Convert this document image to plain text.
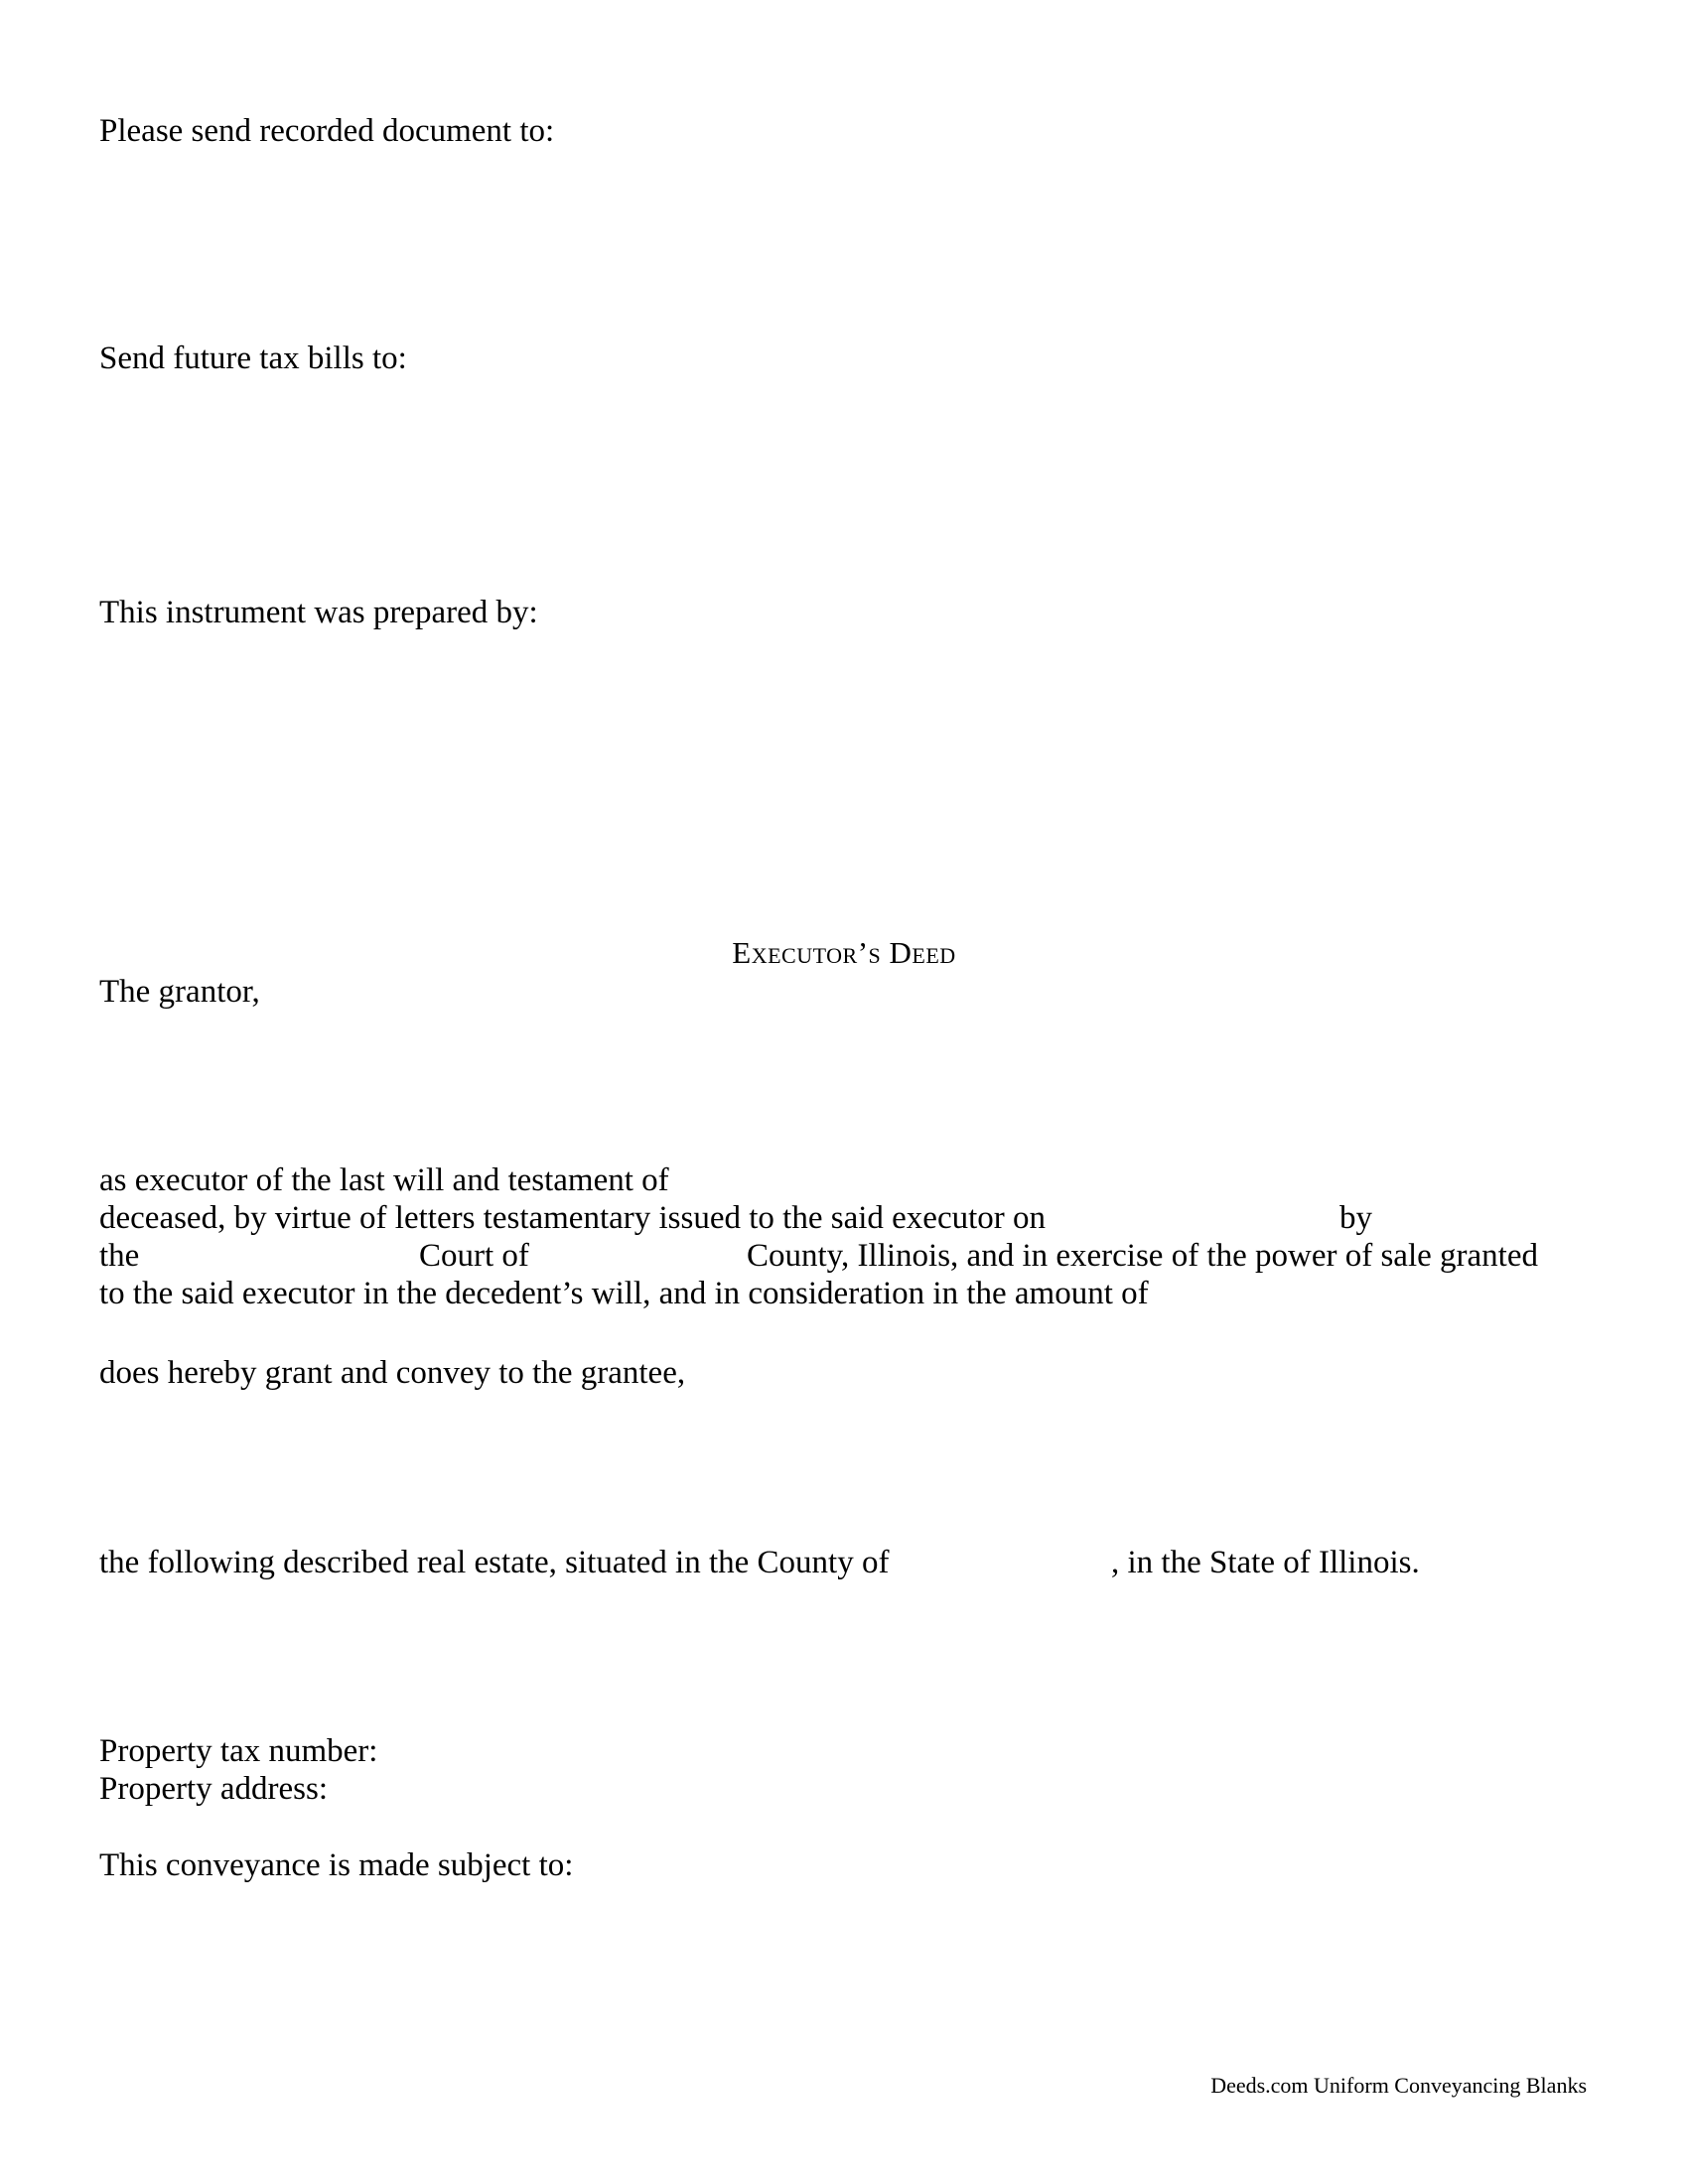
Please send recorded document to:
Send future tax bills to:
This instrument was prepared by:
Executor’s Deed
The grantor,
as executor of the last will and testament of
deceased, by virtue of letters testamentary issued to the said executor on	by
the	Court of	County, Illinois, and in exercise of the power of sale granted
to the said executor in the decedent’s will, and in consideration in the amount of
does hereby grant and convey to the grantee,
the following described real estate, situated in the County of	, in the State of Illinois.
Property tax number:
Property address:
This conveyance is made subject to:
Deeds.com Uniform Conveyancing Blanks
